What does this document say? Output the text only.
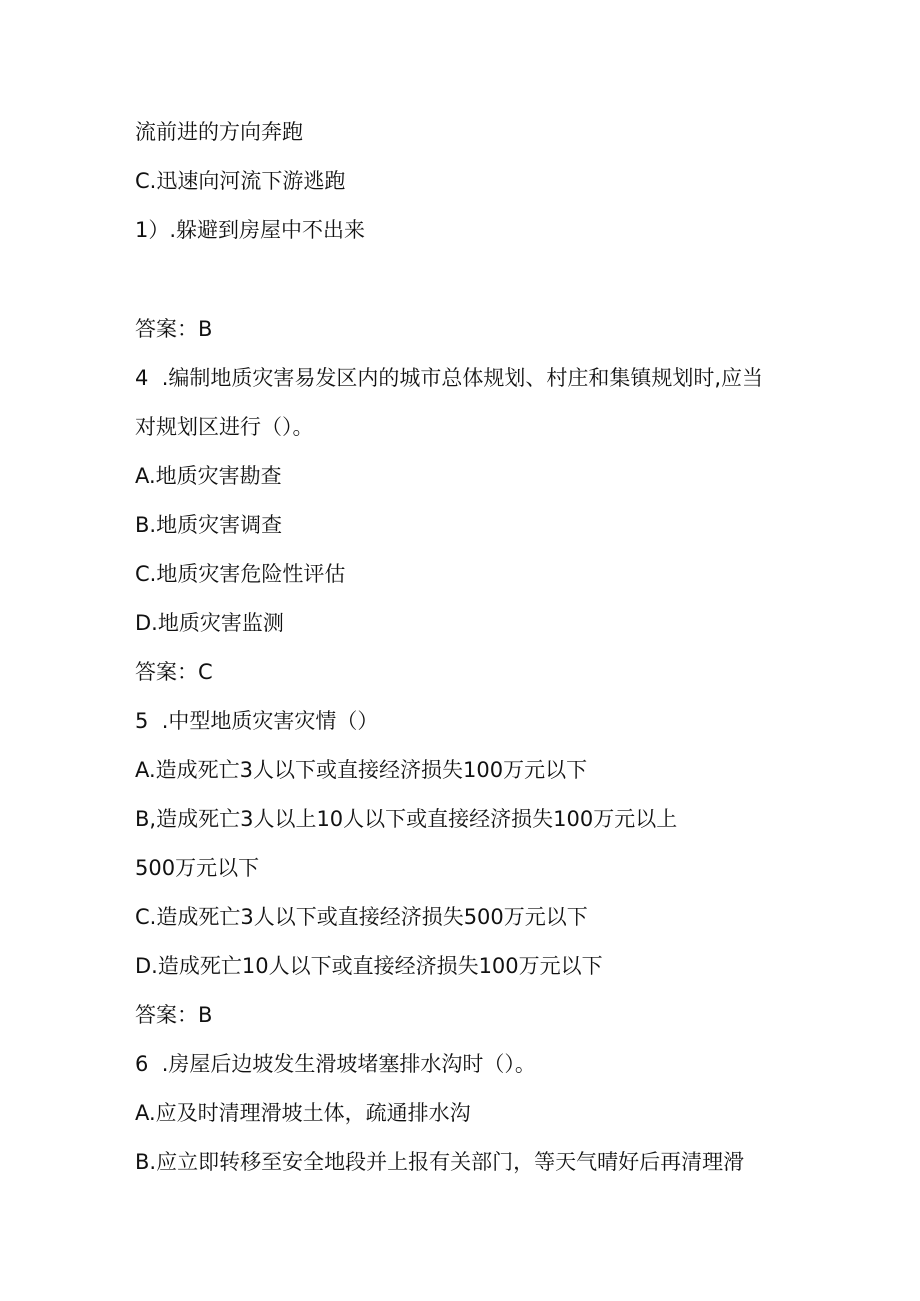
流前进的方向奔跑
C.迅速向河流下游逃跑
1）.躲避到房屋中不出来
答案：B
4  .编制地质灾害易发区内的城市总体规划、村庄和集镇规划时,应当
对规划区进行（）。
A.地质灾害勘查
B.地质灾害调查
C.地质灾害危险性评估
D.地质灾害监测
答案：C
5  .中型地质灾害灾情（）
A.造成死亡3人以下或直接经济损失100万元以下
B,造成死亡3人以上10人以下或直接经济损失100万元以上
500万元以下
C.造成死亡3人以下或直接经济损失500万元以下
D.造成死亡10人以下或直接经济损失100万元以下
答案：B
6  .房屋后边坡发生滑坡堵塞排水沟时（）。
A.应及时清理滑坡土体，疏通排水沟
B.应立即转移至安全地段并上报有关部门，等天气晴好后再清理滑
